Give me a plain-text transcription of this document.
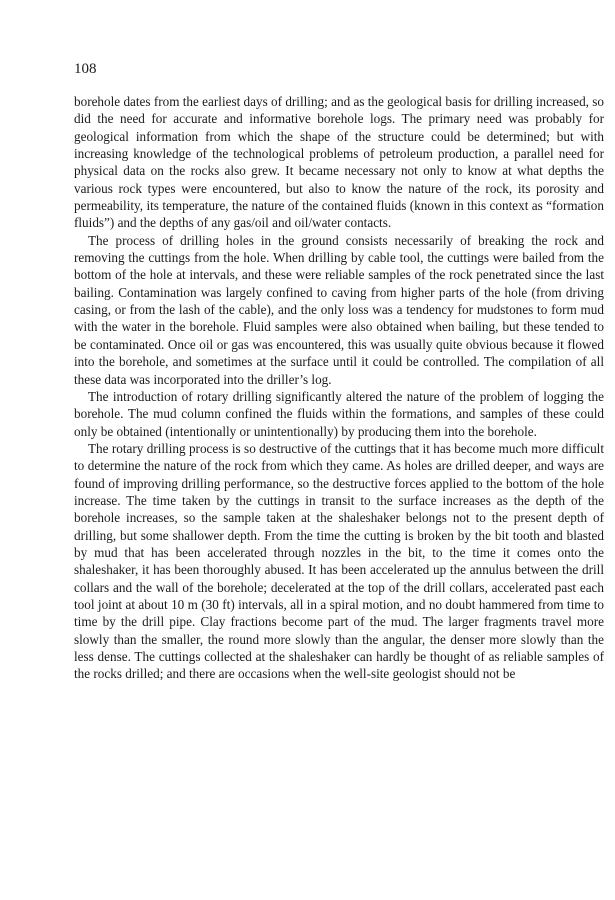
108

borehole dates from the earliest days of drilling; and as the geological basis for drilling increased, so did the need for accurate and informative borehole logs. The primary need was probably for geological information from which the shape of the structure could be determined; but with increasing knowledge of the technological problems of petroleum production, a parallel need for physical data on the rocks also grew. It became necessary not only to know at what depths the various rock types were encountered, but also to know the nature of the rock, its porosity and permeability, its temperature, the nature of the contained fluids (known in this context as “formation fluids”) and the depths of any gas/oil and oil/water contacts.

The process of drilling holes in the ground consists necessarily of breaking the rock and removing the cuttings from the hole. When drilling by cable tool, the cuttings were bailed from the bottom of the hole at intervals, and these were reliable samples of the rock penetrated since the last bailing. Contamination was largely confined to caving from higher parts of the hole (from driving casing, or from the lash of the cable), and the only loss was a tendency for mudstones to form mud with the water in the borehole. Fluid samples were also obtained when bailing, but these tended to be contaminated. Once oil or gas was encountered, this was usually quite obvious because it flowed into the borehole, and sometimes at the surface until it could be controlled. The compilation of all these data was incorporated into the driller’s log.

The introduction of rotary drilling significantly altered the nature of the problem of logging the borehole. The mud column confined the fluids within the formations, and samples of these could only be obtained (intentionally or unintentionally) by producing them into the borehole.

The rotary drilling process is so destructive of the cuttings that it has become much more difficult to determine the nature of the rock from which they came. As holes are drilled deeper, and ways are found of improving drilling performance, so the destructive forces applied to the bottom of the hole increase. The time taken by the cuttings in transit to the surface increases as the depth of the borehole increases, so the sample taken at the shaleshaker belongs not to the present depth of drilling, but some shallower depth. From the time the cutting is broken by the bit tooth and blasted by mud that has been accelerated through nozzles in the bit, to the time it comes onto the shaleshaker, it has been thoroughly abused. It has been accelerated up the annulus between the drill collars and the wall of the borehole; decelerated at the top of the drill collars, accelerated past each tool joint at about 10 m (30 ft) intervals, all in a spiral motion, and no doubt hammered from time to time by the drill pipe. Clay fractions become part of the mud. The larger fragments travel more slowly than the smaller, the round more slowly than the angular, the denser more slowly than the less dense. The cuttings collected at the shaleshaker can hardly be thought of as reliable samples of the rocks drilled; and there are occasions when the well-site geologist should not be
